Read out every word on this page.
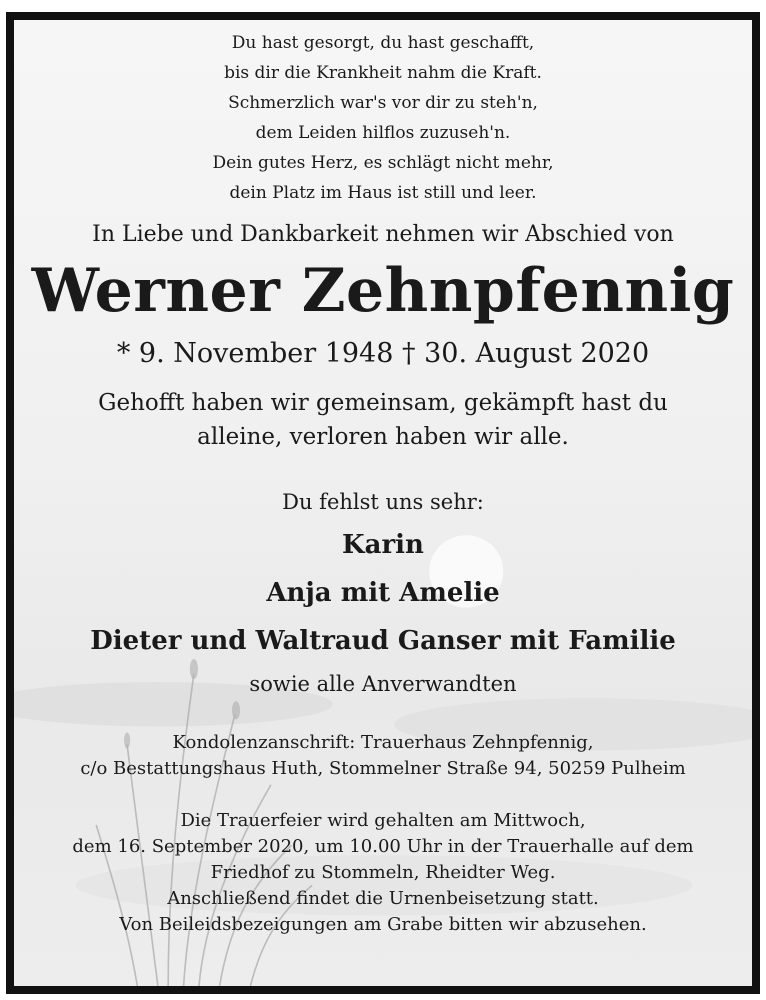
Du hast gesorgt, du hast geschafft,
bis dir die Krankheit nahm die Kraft.
Schmerzlich war's vor dir zu steh'n,
dem Leiden hilflos zuzuseh'n.
Dein gutes Herz, es schlägt nicht mehr,
dein Platz im Haus ist still und leer.
In Liebe und Dankbarkeit nehmen wir Abschied von
Werner Zehnpfennig
* 9. November 1948 † 30. August 2020
Gehofft haben wir gemeinsam, gekämpft hast du
alleine, verloren haben wir alle.
Du fehlst uns sehr:
Karin
Anja mit Amelie
Dieter und Waltraud Ganser mit Familie
sowie alle Anverwandten
Kondolenzanschrift: Trauerhaus Zehnpfennig,
c/o Bestattungshaus Huth, Stommelner Straße 94, 50259 Pulheim
Die Trauerfeier wird gehalten am Mittwoch,
dem 16. September 2020, um 10.00 Uhr in der Trauerhalle auf dem
Friedhof zu Stommeln, Rheidter Weg.
Anschließend findet die Urnenbeisetzung statt.
Von Beileidsbezeigungen am Grabe bitten wir abzusehen.
